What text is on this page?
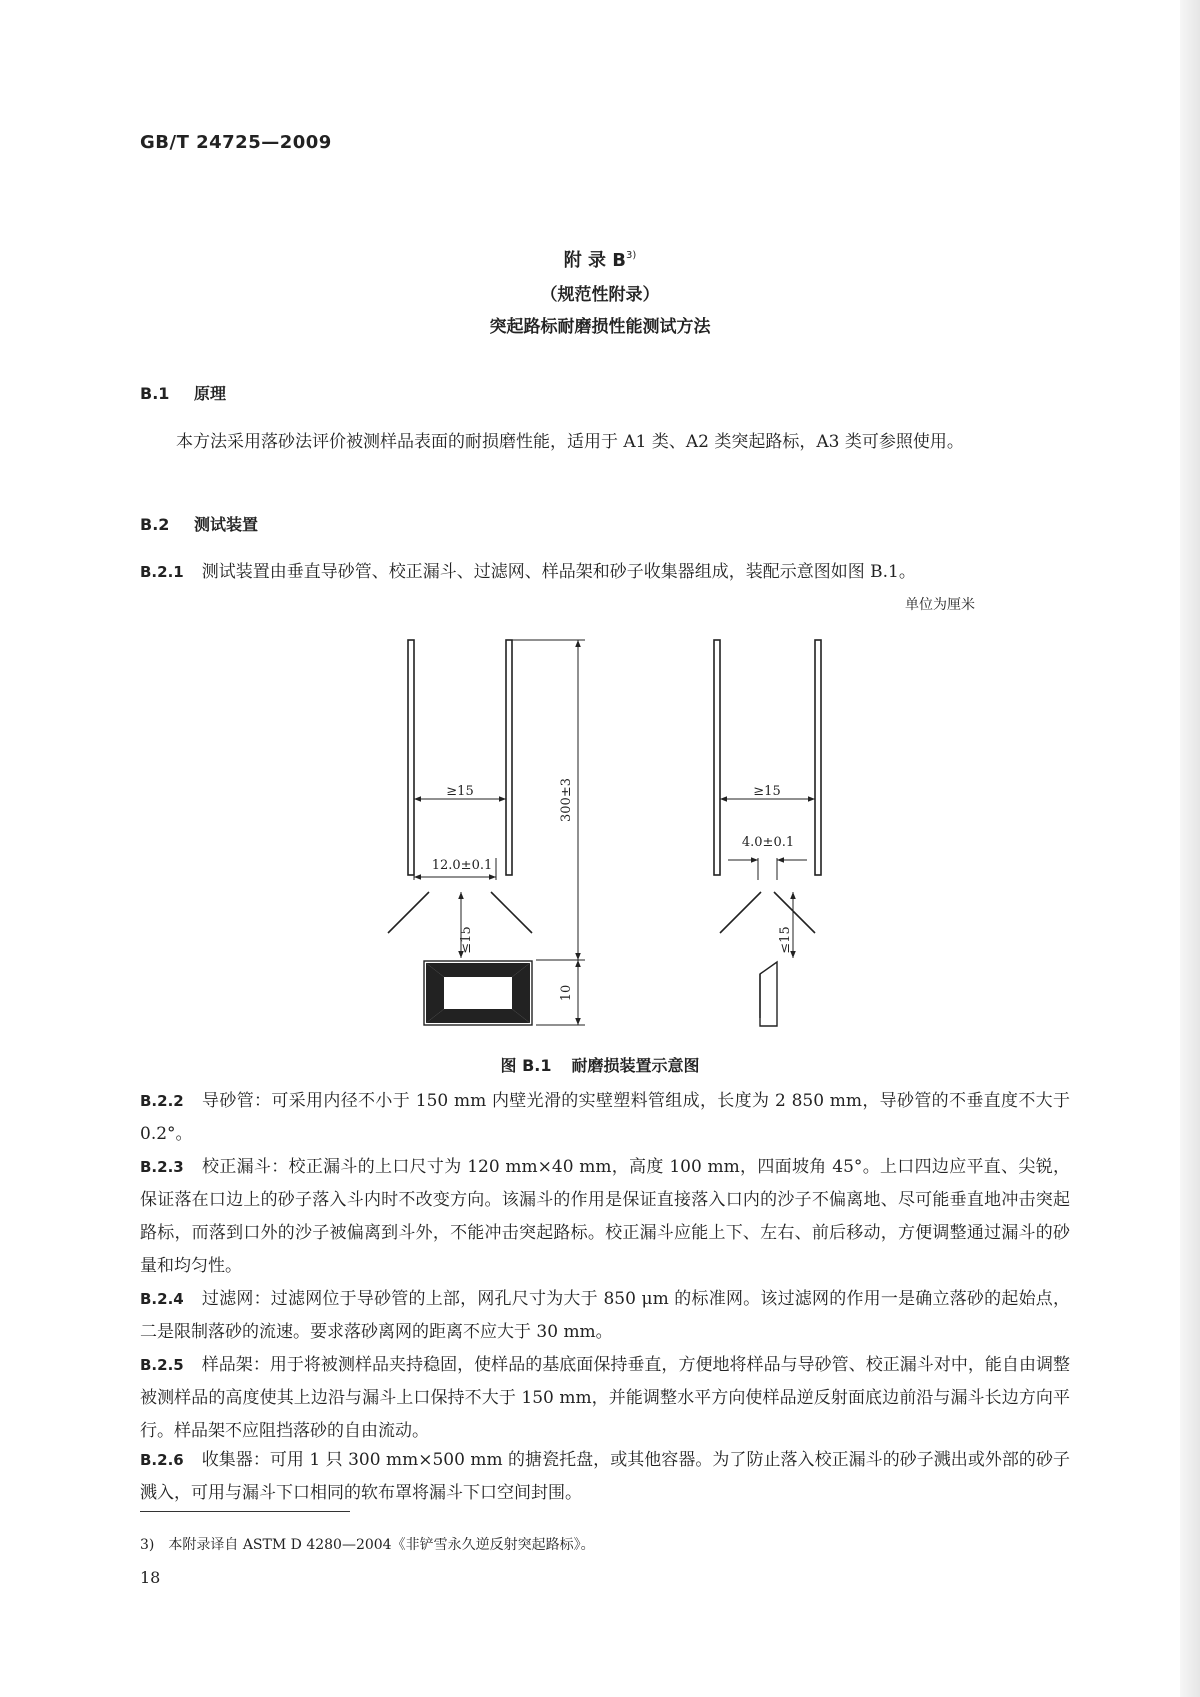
GB/T 24725—2009
附 录 $B^{3)}$
（规范性附录）
突起路标耐磨损性能测试方法
B.1 原理
本方法采用落砂法评价被测样品表面的耐损磨性能，适用于 A1 类、A2 类突起路标，A3 类可参照使用。
B.2 测试装置
B.2.1 测试装置由垂直导砂管、校正漏斗、过滤网、样品架和砂子收集器组成，装配示意图如图 B.1。
单位为厘米
≥15
12.0±0.1
≤15
300±3
10
≥15
4.0±0.1
≤15
图 B.1 耐磨损装置示意图
B.2.2 导砂管：可采用内径不小于 150 mm 内壁光滑的实壁塑料管组成，长度为 2 850 mm，导砂管的不垂直度不大于 0.2°。
B.2.3 校正漏斗：校正漏斗的上口尺寸为 120 mm×40 mm，高度 100 mm，四面坡角 45°。上口四边应平直、尖锐，保证落在口边上的砂子落入斗内时不改变方向。该漏斗的作用是保证直接落入口内的沙子不偏离地、尽可能垂直地冲击突起路标，而落到口外的沙子被偏离到斗外，不能冲击突起路标。校正漏斗应能上下、左右、前后移动，方便调整通过漏斗的砂量和均匀性。
B.2.4 过滤网：过滤网位于导砂管的上部，网孔尺寸为大于 850 μm 的标准网。该过滤网的作用一是确立落砂的起始点，二是限制落砂的流速。要求落砂离网的距离不应大于 30 mm。
B.2.5 样品架：用于将被测样品夹持稳固，使样品的基底面保持垂直，方便地将样品与导砂管、校正漏斗对中，能自由调整被测样品的高度使其上边沿与漏斗上口保持不大于 150 mm，并能调整水平方向使样品逆反射面底边前沿与漏斗长边方向平行。样品架不应阻挡落砂的自由流动。
B.2.6 收集器：可用 1 只 300 mm×500 mm 的搪瓷托盘，或其他容器。为了防止落入校正漏斗的砂子溅出或外部的砂子溅入，可用与漏斗下口相同的软布罩将漏斗下口空间封围。
3)　本附录译自 ASTM D 4280—2004《非铲雪永久逆反射突起路标》。
18
